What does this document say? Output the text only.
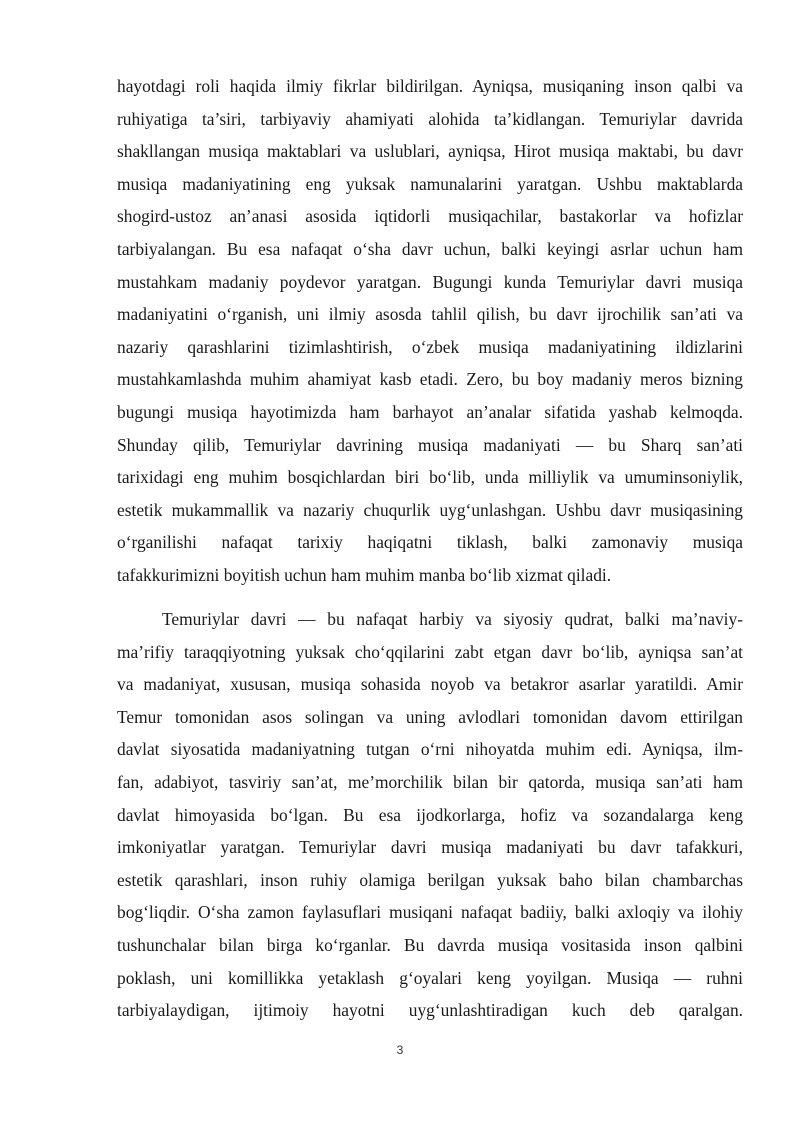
hayotdagi roli haqida ilmiy fikrlar bildirilgan. Ayniqsa, musiqaning inson qalbi va
ruhiyatiga ta’siri, tarbiyaviy ahamiyati alohida ta’kidlangan. Temuriylar davrida
shakllangan musiqa maktablari va uslublari, ayniqsa, Hirot musiqa maktabi, bu davr
musiqa madaniyatining eng yuksak namunalarini yaratgan. Ushbu maktablarda
shogird-ustoz an’anasi asosida iqtidorli musiqachilar, bastakorlar va hofizlar
tarbiyalangan. Bu esa nafaqat o‘sha davr uchun, balki keyingi asrlar uchun ham
mustahkam madaniy poydevor yaratgan. Bugungi kunda Temuriylar davri musiqa
madaniyatini o‘rganish, uni ilmiy asosda tahlil qilish, bu davr ijrochilik san’ati va
nazariy qarashlarini tizimlashtirish, o‘zbek musiqa madaniyatining ildizlarini
mustahkamlashda muhim ahamiyat kasb etadi. Zero, bu boy madaniy meros bizning
bugungi musiqa hayotimizda ham barhayot an’analar sifatida yashab kelmoqda.
Shunday qilib, Temuriylar davrining musiqa madaniyati — bu Sharq san’ati
tarixidagi eng muhim bosqichlardan biri bo‘lib, unda milliylik va umuminsoniylik,
estetik mukammallik va nazariy chuqurlik uyg‘unlashgan. Ushbu davr musiqasining
o‘rganilishi nafaqat tarixiy haqiqatni tiklash, balki zamonaviy musiqa
tafakkurimizni boyitish uchun ham muhim manba bo‘lib xizmat qiladi.
Temuriylar davri — bu nafaqat harbiy va siyosiy qudrat, balki ma’naviy-
ma’rifiy taraqqiyotning yuksak cho‘qqilarini zabt etgan davr bo‘lib, ayniqsa san’at
va madaniyat, xususan, musiqa sohasida noyob va betakror asarlar yaratildi. Amir
Temur tomonidan asos solingan va uning avlodlari tomonidan davom ettirilgan
davlat siyosatida madaniyatning tutgan o‘rni nihoyatda muhim edi. Ayniqsa, ilm-
fan, adabiyot, tasviriy san’at, me’morchilik bilan bir qatorda, musiqa san’ati ham
davlat himoyasida bo‘lgan. Bu esa ijodkorlarga, hofiz va sozandalarga keng
imkoniyatlar yaratgan. Temuriylar davri musiqa madaniyati bu davr tafakkuri,
estetik qarashlari, inson ruhiy olamiga berilgan yuksak baho bilan chambarchas
bog‘liqdir. O‘sha zamon faylasuflari musiqani nafaqat badiiy, balki axloqiy va ilohiy
tushunchalar bilan birga ko‘rganlar. Bu davrda musiqa vositasida inson qalbini
poklash, uni komillikka yetaklash g‘oyalari keng yoyilgan. Musiqa — ruhni
tarbiyalaydigan, ijtimoiy hayotni uyg‘unlashtiradigan kuch deb qaralgan.
3
